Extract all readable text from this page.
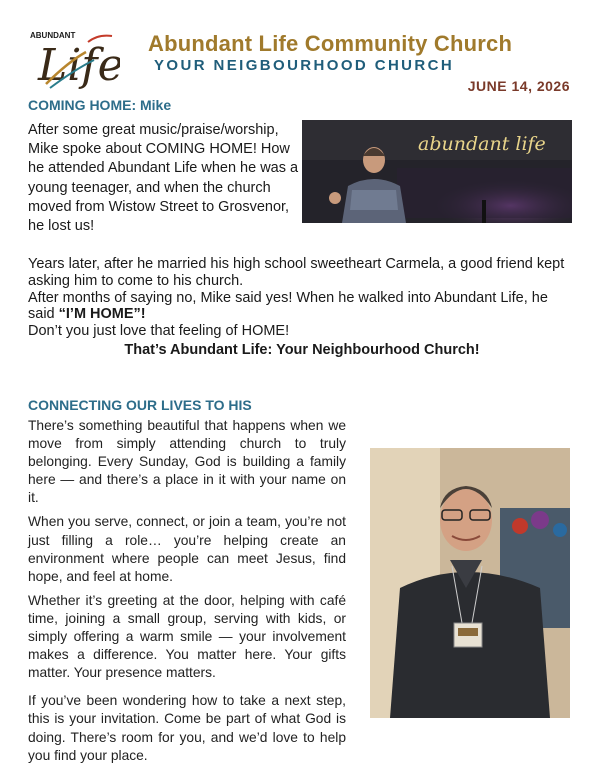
ABUNDANT
Life Abundant Life Community Church
YOUR NEIGBOURHOOD CHURCH
JUNE 14, 2026
COMING HOME: Mike
After some great music/praise/worship, Mike spoke about COMING HOME! How he attended Abundant Life when he was a young teenager, and when the church moved from Wistow Street to Grosvenor, he lost us!
abundant life

Years later, after he married his high school sweetheart Carmela, a good friend kept asking him to come to his church.

After months of saying no, Mike said yes! When he walked into Abundant Life, he said “I’M HOME”!

Don’t you just love that feeling of HOME!

That’s Abundant Life: Your Neighbourhood Church!

CONNECTING OUR LIVES TO HIS

There’s something beautiful that happens when we move from simply attending church to truly belonging. Every Sunday, God is building a family here — and there’s a place in it with your name on it.

When you serve, connect, or join a team, you’re not just filling a role… you’re helping create an environment where people can meet Jesus, find hope, and feel at home.

Whether it’s greeting at the door, helping with café time, joining a small group, serving with kids, or simply offering a warm smile — your involvement makes a difference. You matter here. Your gifts matter. Your presence matters.

If you’ve been wondering how to take a next step, this is your invitation. Come be part of what God is doing. There’s room for you, and we’d love to help you find your place.
